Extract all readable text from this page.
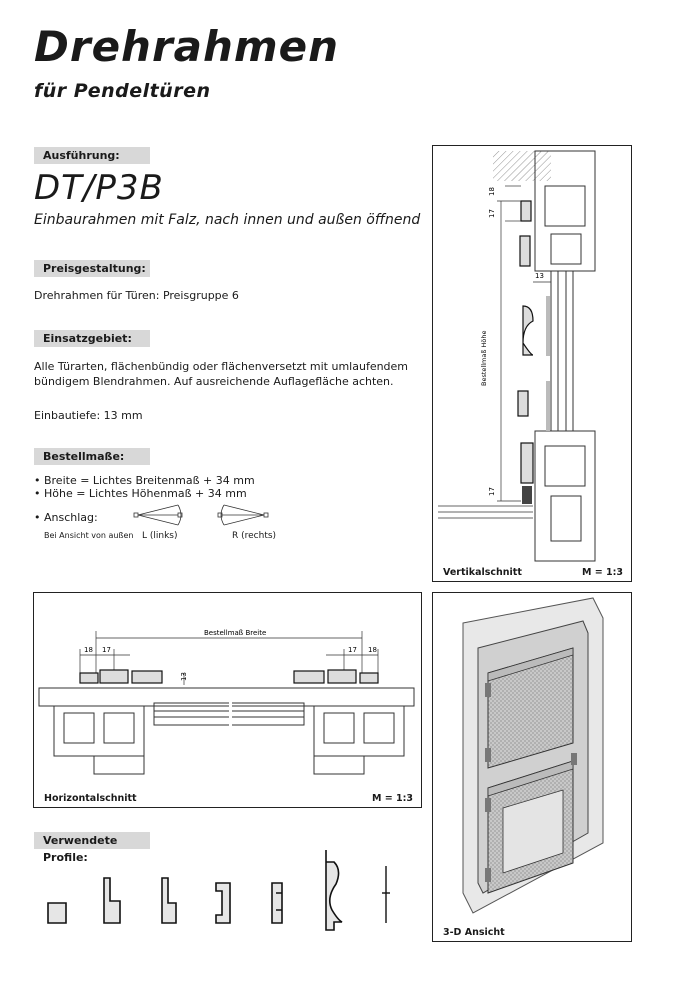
Drehrahmen
für Pendeltüren
Ausführung:
DT/P3B
Einbaurahmen mit Falz, nach innen und außen öffnend
Preisgestaltung:
Drehrahmen für Türen: Preisgruppe 6
Einsatzgebiet:
Alle Türarten, flächenbündig oder flächenversetzt mit umlaufendem
bündigem Blendrahmen. Auf ausreichende Auflagefläche achten.
Einbautiefe: 13 mm
Bestellmaße:
• Breite = Lichtes Breitenmaß + 34 mm
• Höhe = Lichtes Höhenmaß + 34 mm
• Anschlag:
Bei Ansicht von außen L (links)	R (rechts)
18
17
13
17
Bestellmaß Höhe
Vertikalschnitt	M = 1:3
Bestellmaß Breite
18 17
13
17 18
Horizontalschnitt	M = 1:3
3-D Ansicht
Verwendete Profile:
